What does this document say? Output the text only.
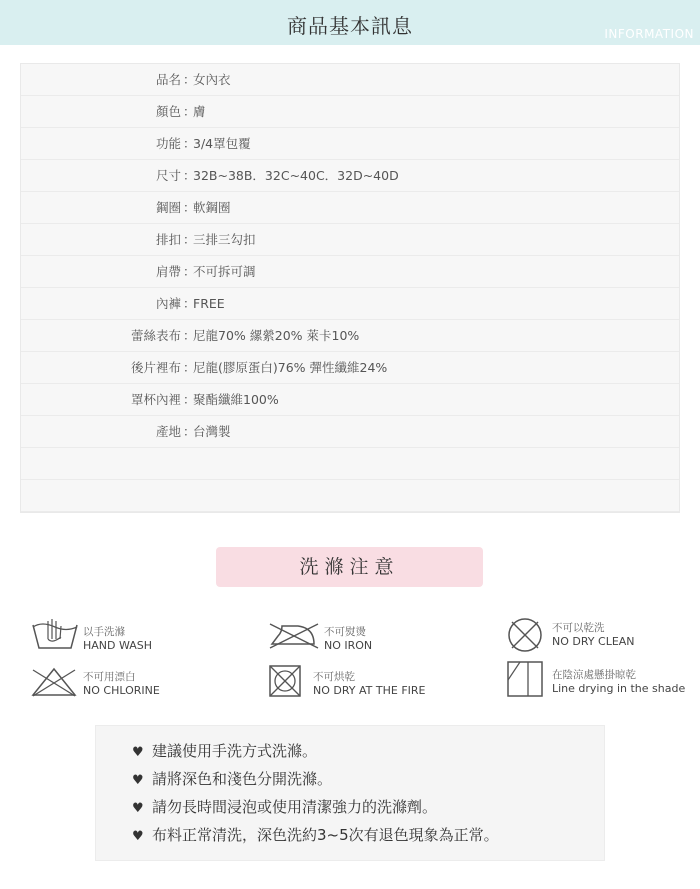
商品基本訊息	INFORMATION
品名 ：
女內衣
顏色 ：
膚
功能 ：
3/4罩包覆
尺寸 ：
32B~38B．32C~40C．32D~40D
鋼圈 ：
軟鋼圈
排扣 ：
三排三勾扣
肩帶 ：
不可拆可調
內褲 ：
FREE
蕾絲表布 ：
尼龍70% 縲縈20% 萊卡10%
後片裡布 ：
尼龍(膠原蛋白)76% 彈性纖維24%
罩杯內裡 ：
聚酯纖維100%
產地 ：
台灣製
洗滌注意
以手洗滌
HAND WASH
不可熨燙
NO IRON
不可以乾洗
NO DRY CLEAN
不可用漂白
NO CHLORINE
不可烘乾
NO DRY AT THE FIRE
在陰涼處懸掛晾乾
Line drying in the shade
♥ 建議使用手洗方式洗滌。
♥ 請將深色和淺色分開洗滌。
♥ 請勿長時間浸泡或使用清潔強力的洗滌劑。
♥ 布料正常清洗，深色洗約3~5次有退色現象為正常。
